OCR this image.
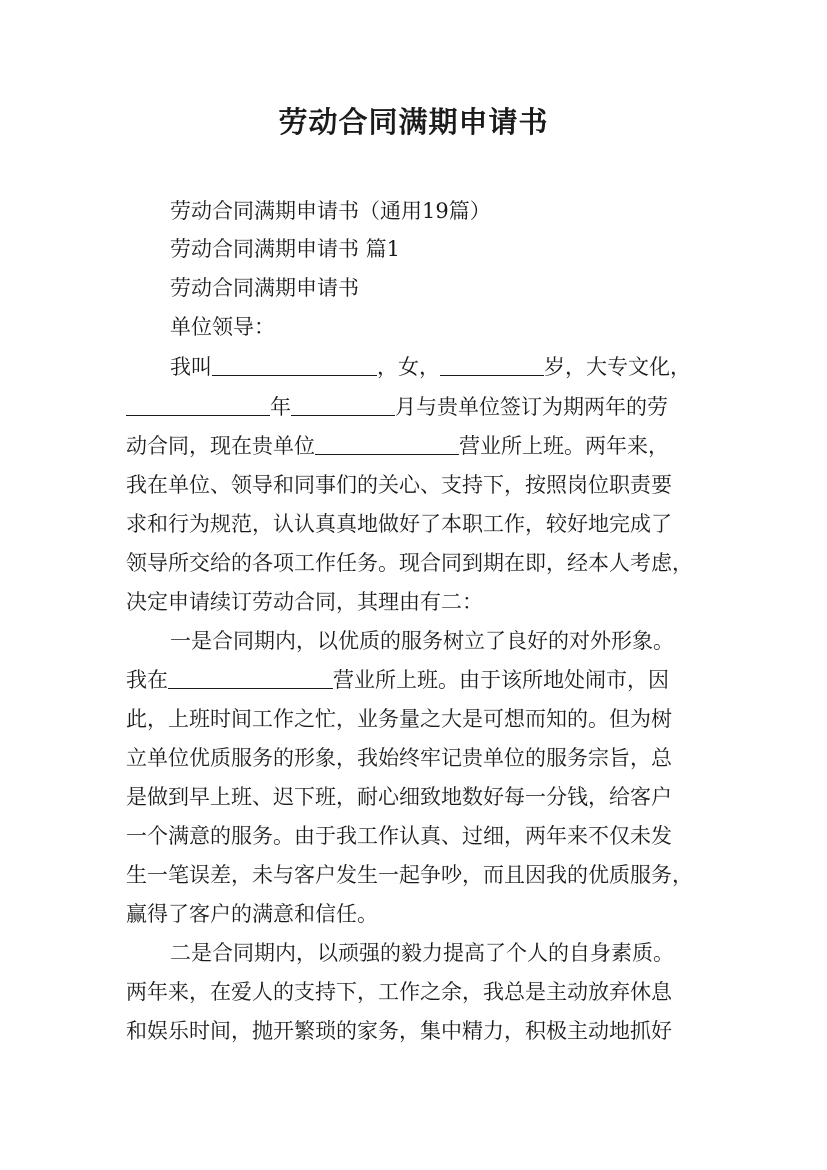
劳动合同满期申请书

劳动合同满期申请书（通用19篇）

劳动合同满期申请书 篇1

劳动合同满期申请书

单位领导：

我叫	，女，	岁，大专文化，

年	月与贵单位签订为期两年的劳

动合同，现在贵单位	营业所上班。两年来，

我在单位、领导和同事们的关心、支持下，按照岗位职责要

求和行为规范，认认真真地做好了本职工作，较好地完成了

领导所交给的各项工作任务。现合同到期在即，经本人考虑，

决定申请续订劳动合同，其理由有二：

一是合同期内，以优质的服务树立了良好的对外形象。

我在	营业所上班。由于该所地处闹市，因

此，上班时间工作之忙，业务量之大是可想而知的。但为树

立单位优质服务的形象，我始终牢记贵单位的服务宗旨，总

是做到早上班、迟下班，耐心细致地数好每一分钱，给客户

一个满意的服务。由于我工作认真、过细，两年来不仅未发

生一笔误差，未与客户发生一起争吵，而且因我的优质服务，

赢得了客户的满意和信任。

二是合同期内，以顽强的毅力提高了个人的自身素质。

两年来，在爱人的支持下，工作之余，我总是主动放弃休息

和娱乐时间，抛开繁琐的家务，集中精力，积极主动地抓好
